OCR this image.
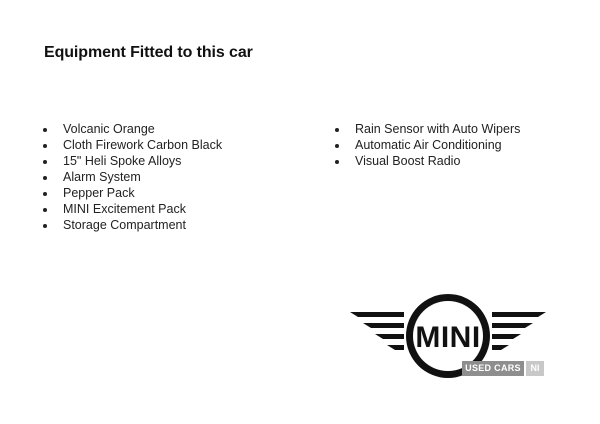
Equipment Fitted to this car
Volcanic Orange
Cloth Firework Carbon Black
15" Heli Spoke Alloys
Alarm System
Pepper Pack
MINI Excitement Pack
Storage Compartment
Rain Sensor with Auto Wipers
Automatic Air Conditioning
Visual Boost Radio
MINI
USED CARS	NI
